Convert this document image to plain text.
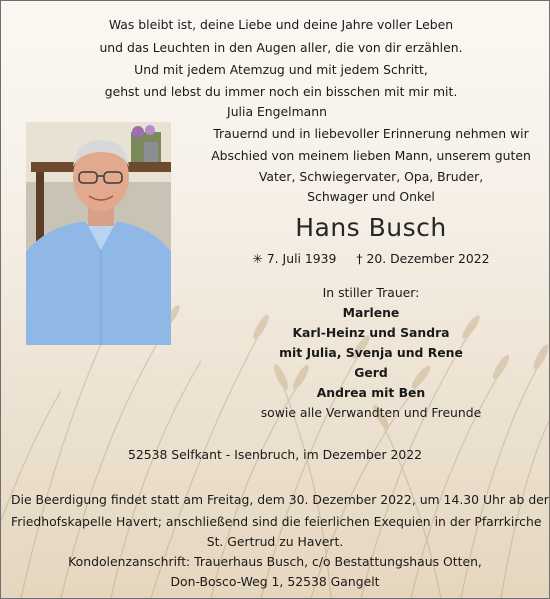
Was bleibt ist, deine Liebe und deine Jahre voller Leben
und das Leuchten in den Augen aller, die von dir erzählen.
Und mit jedem Atemzug und mit jedem Schritt,
gehst und lebst du immer noch ein bisschen mit mir mit.
Julia Engelmann
Trauernd und in liebevoller Erinnerung nehmen wir
Abschied von meinem lieben Mann, unserem guten
Vater, Schwiegervater, Opa, Bruder,
Schwager und Onkel
Hans Busch
✳ 7. Juli 1939 † 20. Dezember 2022
In stiller Trauer:
Marlene
Karl-Heinz und Sandra
mit Julia, Svenja und Rene
Gerd
Andrea mit Ben
sowie alle Verwandten und Freunde
52538 Selfkant - Isenbruch, im Dezember 2022
Die Beerdigung findet statt am Freitag, dem 30. Dezember 2022, um 14.30 Uhr ab der
Friedhofskapelle Havert; anschließend sind die feierlichen Exequien in der Pfarrkirche
St. Gertrud zu Havert.
Kondolenzanschrift: Trauerhaus Busch, c/o Bestattungshaus Otten,
Don-Bosco-Weg 1, 52538 Gangelt
